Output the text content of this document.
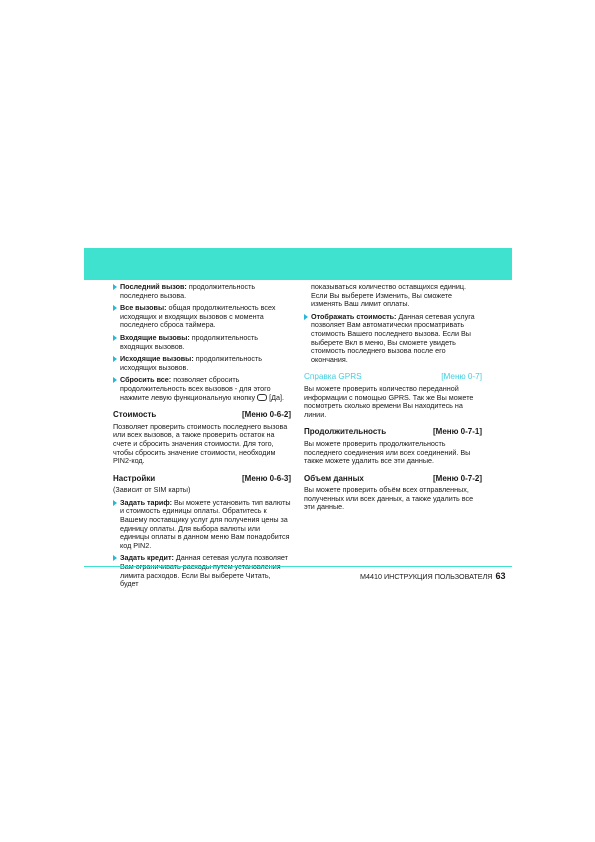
Последний вызов: продолжительность последнего вызова.
Все вызовы: общая продолжительность всех исходящих и входящих вызовов с момента последнего сброса таймера.
Входящие вызовы: продолжительность входящих вызовов.
Исходящие вызовы: продолжительность исходящих вызовов.
Сбросить все: позволяет сбросить продолжительность всех вызовов - для этого нажмите левую функциональную кнопку  [Да].
Стоимость	[Меню 0-6-2]

Позволяет проверить стоимость последнего вызова или всех вызовов, а также проверить остаток на счете и сбросить значения стоимости. Для того, чтобы сбросить значение стоимости, необходим PIN2-код.

Настройки	[Меню 0-6-3]

(Зависит от SIM карты)

Задать тариф: Вы можете установить тип валюты и стоимость единицы оплаты. Обратитесь к Вашему поставщику услуг для получения цены за единицу оплаты. Для выбора валюты или единицы оплаты в данном меню Вам понадобится код PIN2.
Задать кредит: Данная сетевая услуга позволяет лимита расходов. Если Вы выберете Читать, будет

показываться количество оставщихся единиц. Если Вы выберете Изменить, Вы сможете изменять Ваш лимит оплаты.

Отображать стоимость: Данная сетевая услуга позволяет Вам автоматически просматривать стоимость Вашего последнего вызова. Если Вы выберете Вкл в меню, Вы сможете увидеть стоимость последнего вызова после его окончания.
Справка GPRS	[Меню 0-7]

Вы можете проверить количество переданной информации с помощью GPRS. Так же Вы можете посмотреть сколько времени Вы находитесь на линии.

Продолжительность	[Меню 0-7-1]

Вы можете проверить продолжительность последнего соединения или всех соединений. Вы также можете удалить все эти данные.

Объем данных	[Меню 0-7-2]

Вы можете проверить объём всех отправленных, полученных или всех данных, а также удалить все эти данные.

M4410 ИНСТРУКЦИЯ ПОЛЬЗОВАТЕЛЯ 63
